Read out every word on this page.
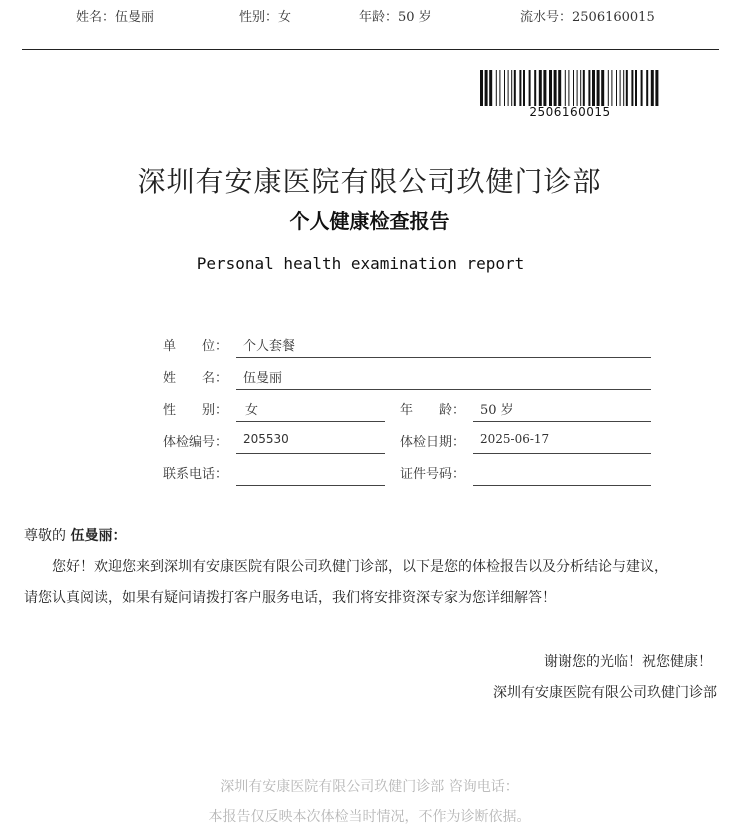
姓名：伍曼丽	性别：女	年龄：50 岁	流水号：2506160015
2506160015
深圳有安康医院有限公司玖健门诊部
个人健康检查报告
Personal health examination report
单　　位： 个人套餐
姓　　名： 伍曼丽
性　　别： 女	年　　龄： 50 岁
体检编号： 205530	体检日期： 2025-06-17
联系电话：	证件号码：
尊敬的 伍曼丽：
您好！欢迎您来到深圳有安康医院有限公司玖健门诊部，以下是您的体检报告以及分析结论与建议，
请您认真阅读，如果有疑问请拨打客户服务电话，我们将安排资深专家为您详细解答！
谢谢您的光临！祝您健康！
深圳有安康医院有限公司玖健门诊部
深圳有安康医院有限公司玖健门诊部 咨询电话：
本报告仅反映本次体检当时情况，不作为诊断依据。
